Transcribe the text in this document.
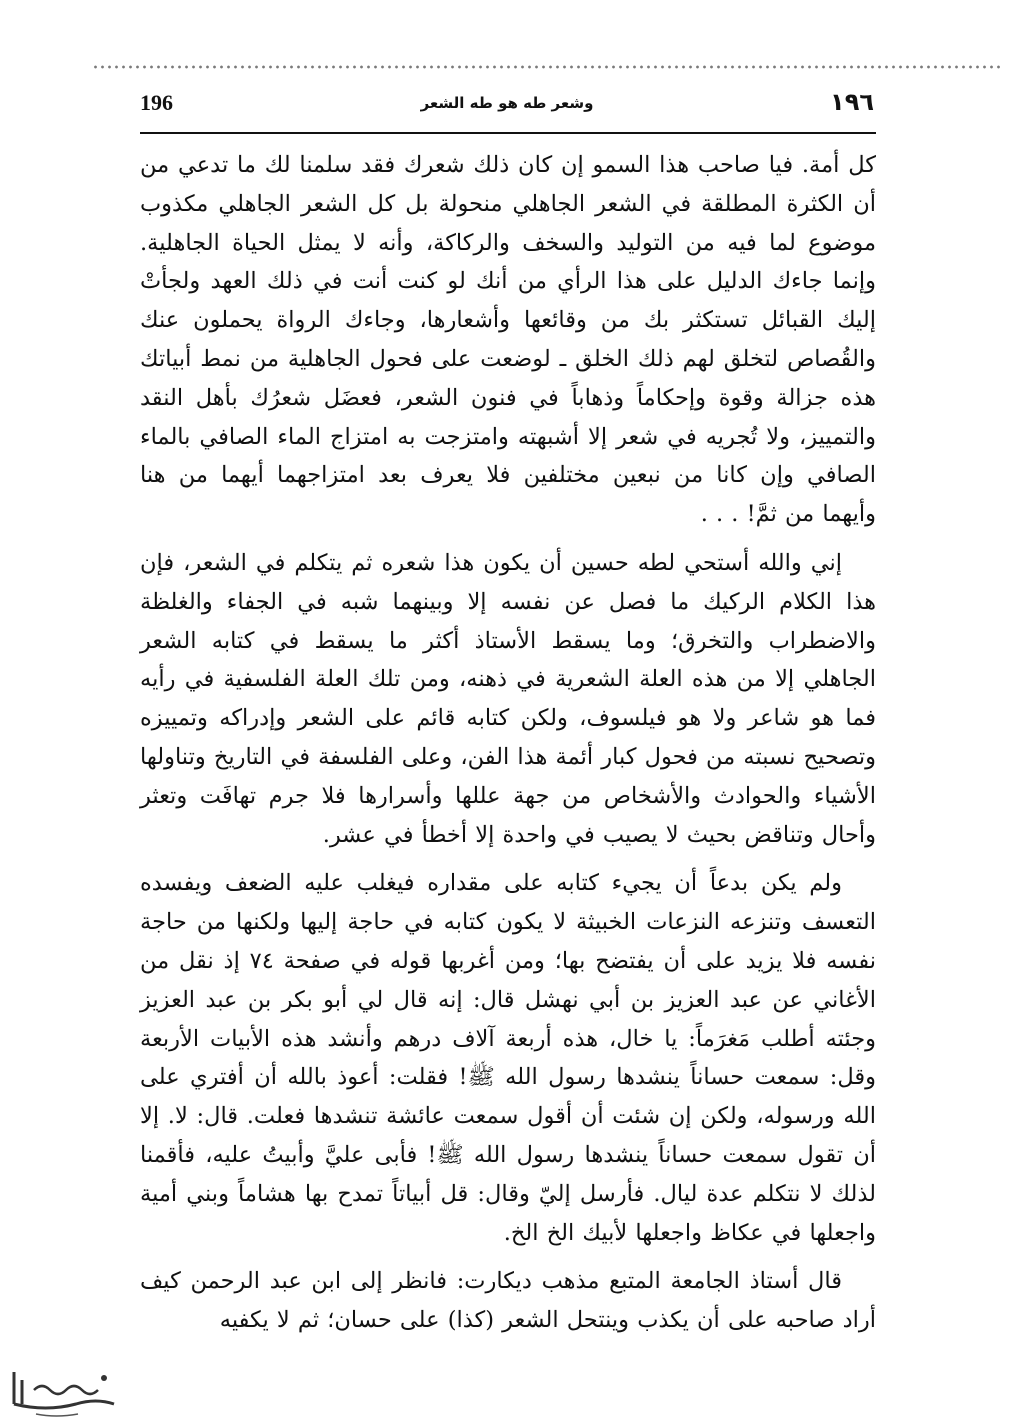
196	وشعر طه هو طه الشعر	١٩٦

كل أمة. فيا صاحب هذا السمو إن كان ذلك شعرك فقد سلمنا لك ما تدعي من أن الكثرة المطلقة في الشعر الجاهلي منحولة بل كل الشعر الجاهلي مكذوب موضوع لما فيه من التوليد والسخف والركاكة، وأنه لا يمثل الحياة الجاهلية. وإنما جاءك الدليل على هذا الرأي من أنك لو كنت أنت في ذلك العهد ولجأتْ إليك القبائل تستكثر بك من وقائعها وأشعارها، وجاءك الرواة يحملون عنك والقُصاص لتخلق لهم ذلك الخلق ـ لوضعت على فحول الجاهلية من نمط أبياتك هذه جزالة وقوة وإحكاماً وذهاباً في فنون الشعر، فعضَل شعرُك بأهل النقد والتمييز، ولا تُجريه في شعر إلا أشبهته وامتزجت به امتزاج الماء الصافي بالماء الصافي وإن كانا من نبعين مختلفين فلا يعرف بعد امتزاجهما أيهما من هنا وأيهما من ثمَّ! . . .

إني والله أستحي لطه حسين أن يكون هذا شعره ثم يتكلم في الشعر، فإن هذا الكلام الركيك ما فصل عن نفسه إلا وبينهما شبه في الجفاء والغلظة والاضطراب والتخرق؛ وما يسقط الأستاذ أكثر ما يسقط في كتابه الشعر الجاهلي إلا من هذه العلة الشعرية في ذهنه، ومن تلك العلة الفلسفية في رأيه فما هو شاعر ولا هو فيلسوف، ولكن كتابه قائم على الشعر وإدراكه وتمييزه وتصحيح نسبته من فحول كبار أئمة هذا الفن، وعلى الفلسفة في التاريخ وتناولها الأشياء والحوادث والأشخاص من جهة عللها وأسرارها فلا جرم تهافَت وتعثر وأحال وتناقض بحيث لا يصيب في واحدة إلا أخطأ في عشر.

ولم يكن بدعاً أن يجيء كتابه على مقداره فيغلب عليه الضعف ويفسده التعسف وتنزعه النزعات الخبيثة لا يكون كتابه في حاجة إليها ولكنها من حاجة نفسه فلا يزيد على أن يفتضح بها؛ ومن أغربها قوله في صفحة ٧٤ إذ نقل من الأغاني عن عبد العزيز بن أبي نهشل قال: إنه قال لي أبو بكر بن عبد العزيز وجئته أطلب مَغرَماً: يا خال، هذه أربعة آلاف درهم وأنشد هذه الأبيات الأربعة وقل: سمعت حساناً ينشدها رسول الله ﷺ! فقلت: أعوذ بالله أن أفتري على الله ورسوله، ولكن إن شئت أن أقول سمعت عائشة تنشدها فعلت. قال: لا. إلا أن تقول سمعت حساناً ينشدها رسول الله ﷺ! فأبى عليَّ وأبيتُ عليه، فأقمنا لذلك لا نتكلم عدة ليال. فأرسل إليّ وقال: قل أبياتاً تمدح بها هشاماً وبني أمية واجعلها في عكاظ واجعلها لأبيك الخ الخ.

قال أستاذ الجامعة المتبع مذهب ديكارت: فانظر إلى ابن عبد الرحمن كيف أراد صاحبه على أن يكذب وينتحل الشعر (كذا) على حسان؛ ثم لا يكفيه
